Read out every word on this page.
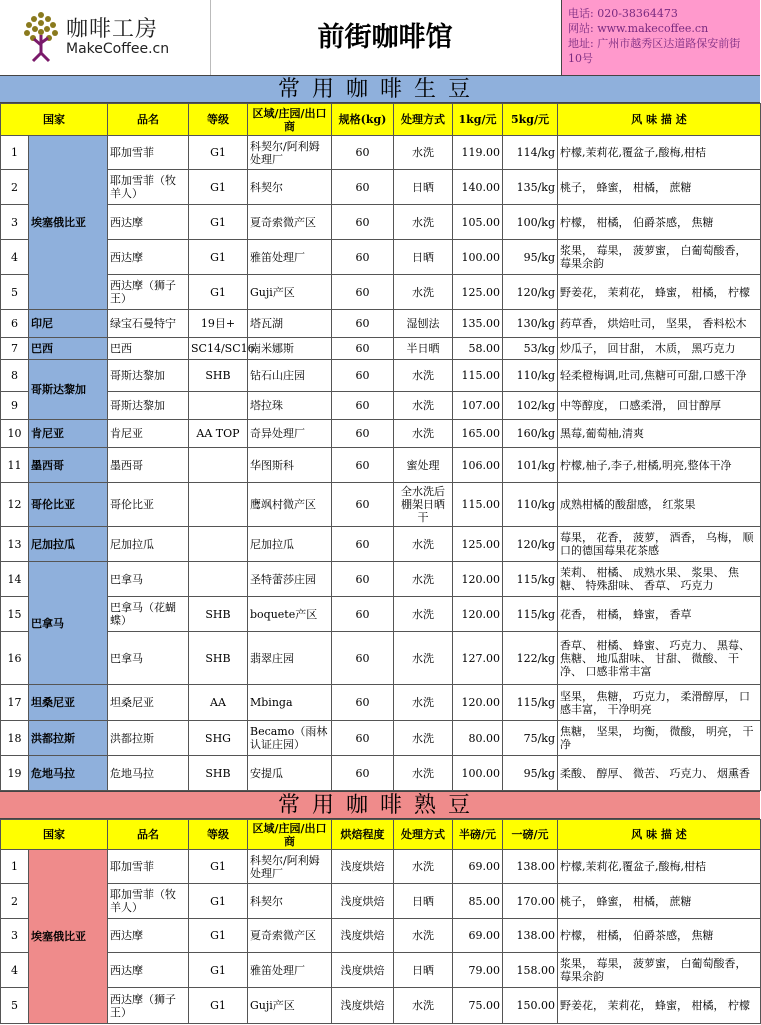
咖啡工房
MakeCoffee.cn	前街咖啡馆
电话: 020-38364473
网站: www.makecoffee.cn
地址: 广州市越秀区达道路保安前街10号
常用咖啡生豆
国家		品名	等级	区域/庄园/出口商	规格(kg)	处理方式	1kg/元	5kg/元	风 味 描 述
1	埃塞俄比亚	耶加雪菲	G1	科契尔/阿利姆处理厂	60	水洗	119.00	114/kg	柠檬,茉莉花,覆盆子,酸梅,柑桔
2		耶加雪菲（牧羊人）	G1	科契尔	60	日晒	140.00	135/kg	桃子， 蜂蜜， 柑橘， 蔗糖
3		西达摩	G1	夏奇索微产区	60	水洗	105.00	100/kg	柠檬， 柑橘， 伯爵茶感， 焦糖
4		西达摩	G1	雅笛处理厂	60	日晒	100.00	95/kg	浆果， 莓果， 菠萝蜜， 白葡萄酸香， 莓果余韵
5		西达摩（狮子王）	G1	Guji产区	60	水洗	125.00	120/kg	野姜花， 茉莉花， 蜂蜜， 柑橘， 柠檬
6	印尼	绿宝石曼特宁	19目+	塔瓦湖	60	湿刨法	135.00	130/kg	药草香， 烘焙吐司， 坚果， 香料松木
7	巴西	巴西	SC14/SC16	南米娜斯	60	半日晒	58.00	53/kg	炒瓜子， 回甘甜， 木质， 黑巧克力
8	哥斯达黎加	哥斯达黎加	SHB	钻石山庄园	60	水洗	115.00	110/kg	轻柔橙梅调,吐司,焦糖可可甜,口感干净
9		哥斯达黎加		塔拉珠	60	水洗	107.00	102/kg	中等醇度， 口感柔滑， 回甘醇厚
10	肯尼亚	肯尼亚	AA TOP	奇异处理厂	60	水洗	165.00	160/kg	黑莓,葡萄柚,清爽
11	墨西哥	墨西哥		华图斯科	60	蜜处理	106.00	101/kg	柠檬,柚子,李子,柑橘,明亮,整体干净
12	哥伦比亚	哥伦比亚		鹰飒村微产区	60	全水洗后棚架日晒干	115.00	110/kg	成熟柑橘的酸甜感， 红浆果
13	尼加拉瓜	尼加拉瓜		尼加拉瓜	60	水洗	125.00	120/kg	莓果， 花香， 菠萝， 酒香， 乌梅， 顺口的德国莓果花茶感
14	巴拿马	巴拿马		圣特蕾莎庄园	60	水洗	120.00	115/kg	茉莉、 柑橘、 成熟水果、 浆果、 焦糖、 特殊甜味、 香草、 巧克力
15		巴拿马（花蝴蝶）	SHB	boquete产区	60	水洗	120.00	115/kg	花香， 柑橘， 蜂蜜， 香草
16		巴拿马	SHB	翡翠庄园	60	水洗	127.00	122/kg	香草、 柑橘、 蜂蜜、 巧克力、 黑莓、 焦糖、 地瓜甜味、 甘甜、 微酸、 干净、 口感非常丰富
17	坦桑尼亚	坦桑尼亚	AA	Mbinga	60	水洗	120.00	115/kg	坚果， 焦糖， 巧克力， 柔滑醇厚， 口感丰富， 干净明亮
18	洪都拉斯	洪都拉斯	SHG	Becamo（雨林认证庄园）	60	水洗	80.00	75/kg	焦糖， 坚果， 均衡， 微酸， 明亮， 干净
19	危地马拉	危地马拉	SHB	安提瓜	60	水洗	100.00	95/kg	柔酸、 醇厚、 微苦、 巧克力、 烟熏香
常用咖啡熟豆
国家		品名	等级	区域/庄园/出口商	烘焙程度	处理方式	半磅/元	一磅/元	风 味 描 述
1	埃塞俄比亚	耶加雪菲	G1	科契尔/阿利姆处理厂	浅度烘焙	水洗	69.00	138.00	柠檬,茉莉花,覆盆子,酸梅,柑桔
2		耶加雪菲（牧羊人）	G1	科契尔	浅度烘焙	日晒	85.00	170.00	桃子， 蜂蜜， 柑橘， 蔗糖
3		西达摩	G1	夏奇索微产区	浅度烘焙	水洗	69.00	138.00	柠檬， 柑橘， 伯爵茶感， 焦糖
4		西达摩	G1	雅笛处理厂	浅度烘焙	日晒	79.00	158.00	浆果， 莓果， 菠萝蜜， 白葡萄酸香， 莓果余韵
5		西达摩（狮子王）	G1	Guji产区	浅度烘焙	水洗	75.00	150.00	野姜花， 茉莉花， 蜂蜜， 柑橘， 柠檬
